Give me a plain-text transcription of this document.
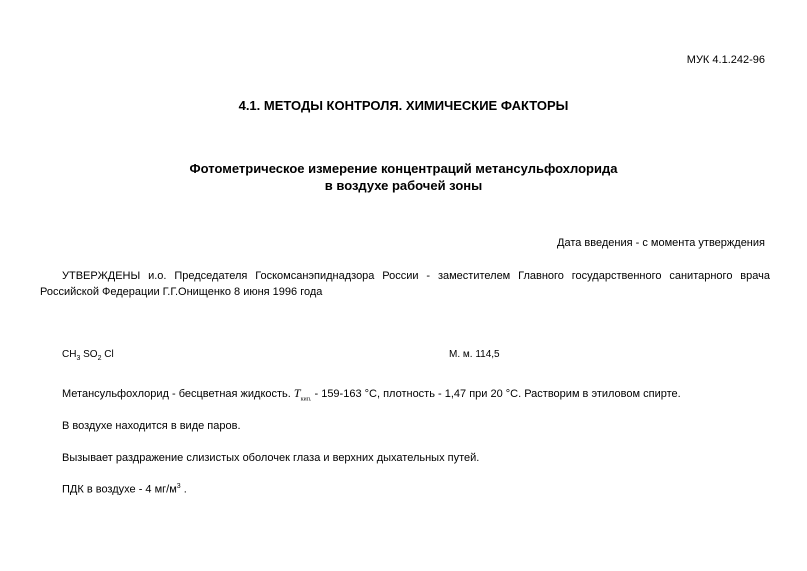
МУК 4.1.242-96
4.1. МЕТОДЫ КОНТРОЛЯ. ХИМИЧЕСКИЕ ФАКТОРЫ
Фотометрическое измерение концентраций метансульфохлорида
в воздухе рабочей зоны
Дата введения - с момента утверждения
УТВЕРЖДЕНЫ и.о. Председателя Госкомсанэпиднадзора России - заместителем Главного государственного санитарного врача Российской Федерации Г.Г.Онищенко 8 июня 1996 года
$CH_3$ $SO_2$ Cl	М. м. 114,5
Метансульфохлорид - бесцветная жидкость. $T_{кип.} - 159-163$ °С, плотность - 1,47 при 20 °С. Растворим в этиловом спирте.
В воздухе находится в виде паров.
Вызывает раздражение слизистых оболочек глаза и верхних дыхательных путей.
ПДК в воздухе - 4 $мг/м^3$ .
